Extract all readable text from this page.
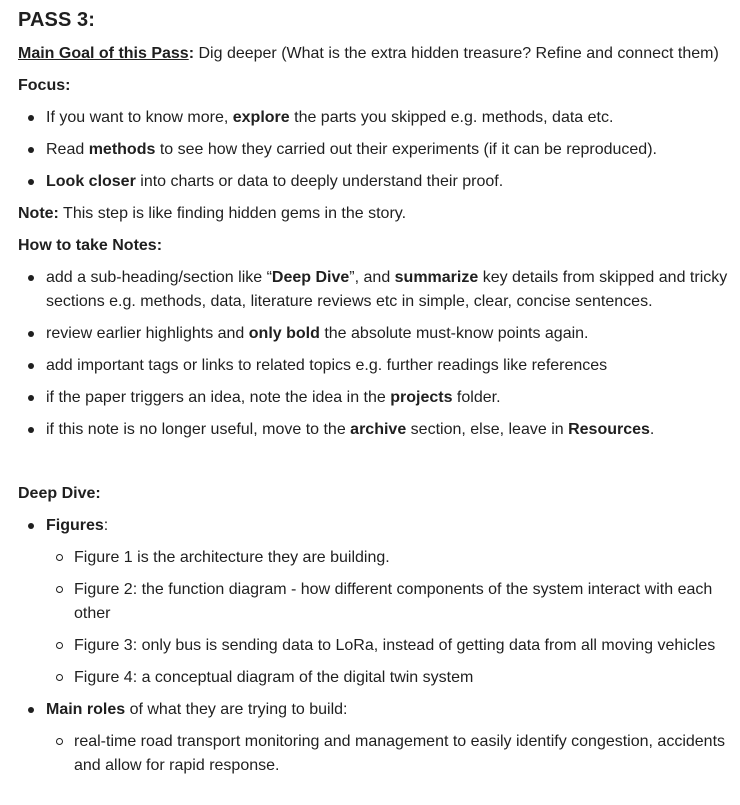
PASS 3:
Main Goal of this Pass: Dig deeper (What is the extra hidden treasure? Refine and connect them)
Focus:
If you want to know more, explore the parts you skipped e.g. methods, data etc.
Read methods to see how they carried out their experiments (if it can be reproduced).
Look closer into charts or data to deeply understand their proof.
Note: This step is like finding hidden gems in the story.
How to take Notes:
add a sub-heading/section like “Deep Dive”, and summarize key details from skipped and tricky sections e.g. methods, data, literature reviews etc in simple, clear, concise sentences.
review earlier highlights and only bold the absolute must-know points again.
add important tags or links to related topics e.g. further readings like references
if the paper triggers an idea, note the idea in the projects folder.
if this note is no longer useful, move to the archive section, else, leave in Resources.
Deep Dive:
Figures:
Figure 1 is the architecture they are building.
Figure 2: the function diagram - how different components of the system interact with each other
Figure 3: only bus is sending data to LoRa, instead of getting data from all moving vehicles
Figure 4: a conceptual diagram of the digital twin system
Main roles of what they are trying to build:
real-time road transport monitoring and management to easily identify congestion, accidents and allow for rapid response.
